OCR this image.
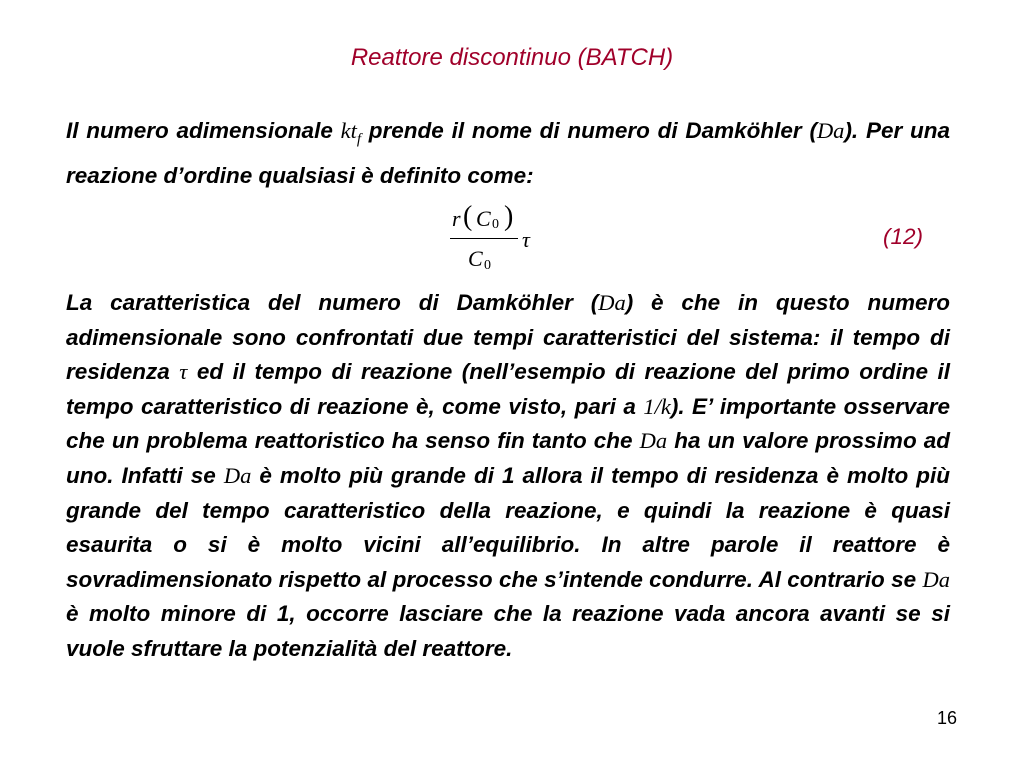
Reattore discontinuo (BATCH)

Il numero adimensionale $kt_f$ prende il nome di numero di Damköhler (Da). Per una reazione d’ordine qualsiasi è definito come:

r ( C 0 )
C 0
τ	(12)

La caratteristica del numero di Damköhler (Da) è che in questo numero adimensionale sono confrontati due tempi caratteristici del sistema: il tempo di residenza τ ed il tempo di reazione (nell’esempio di reazione del primo ordine il tempo caratteristico di reazione è, come visto, pari a 1/k). E’ importante osservare che un problema reattoristico ha senso fin tanto che Da ha un valore prossimo ad uno. Infatti se Da è molto più grande di 1 allora il tempo di residenza è molto più grande del tempo caratteristico della reazione, e quindi la reazione è quasi esaurita o si è molto vicini all’equilibrio. In altre parole il reattore è sovradimensionato rispetto al processo che s’intende condurre. Al contrario se Da è molto minore di 1, occorre lasciare che la reazione vada ancora avanti se si vuole sfruttare la potenzialità del reattore.

16
